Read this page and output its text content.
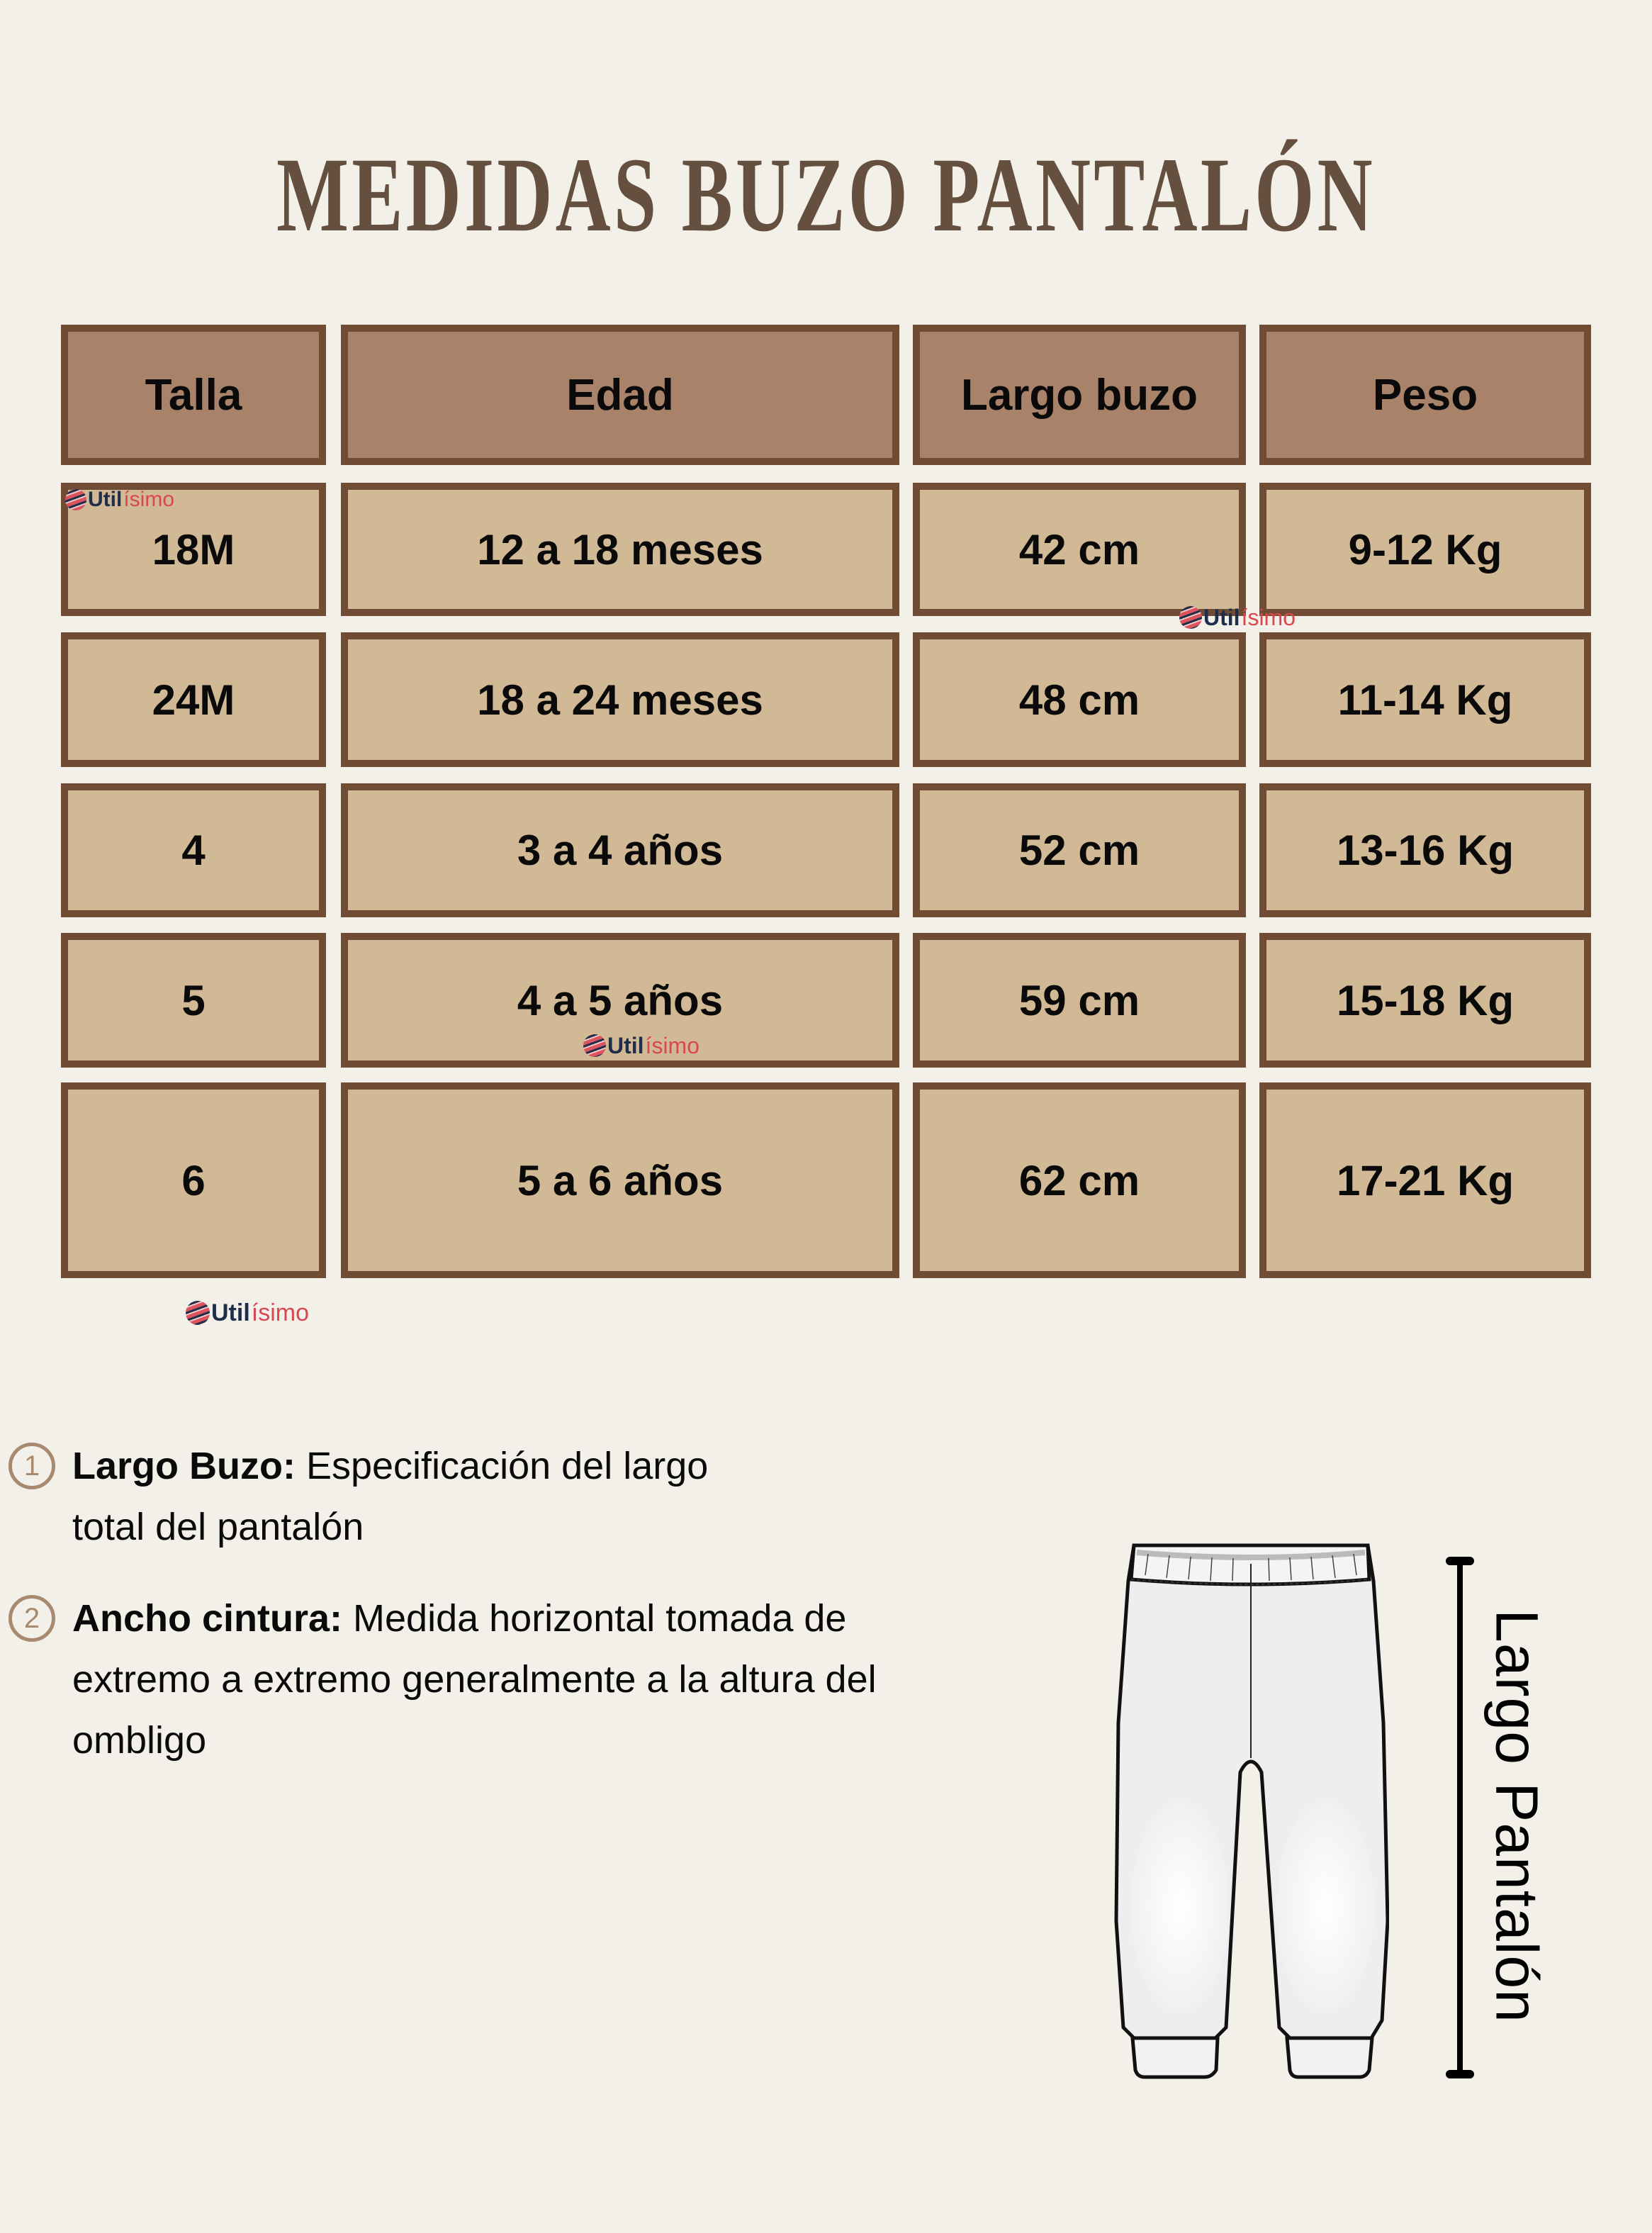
MEDIDAS BUZO PANTALÓN
Talla	Edad	Largo buzo	Peso
18M	12 a 18 meses	42 cm	9-12 Kg
24M	18 a 24 meses	48 cm	11-14 Kg
4	3 a 4 años	52 cm	13-16 Kg
5	4 a 5 años	59 cm	15-18 Kg
6	5 a 6 años	62 cm	17-21 Kg
Util ísimo
Util ísimo
Util ísimo
Util ísimo
1 Largo Buzo: Especificación del largo
total del pantalón
2 Ancho cintura: Medida horizontal tomada de
extremo a extremo generalmente a la altura del
ombligo	Largo Pantalón
